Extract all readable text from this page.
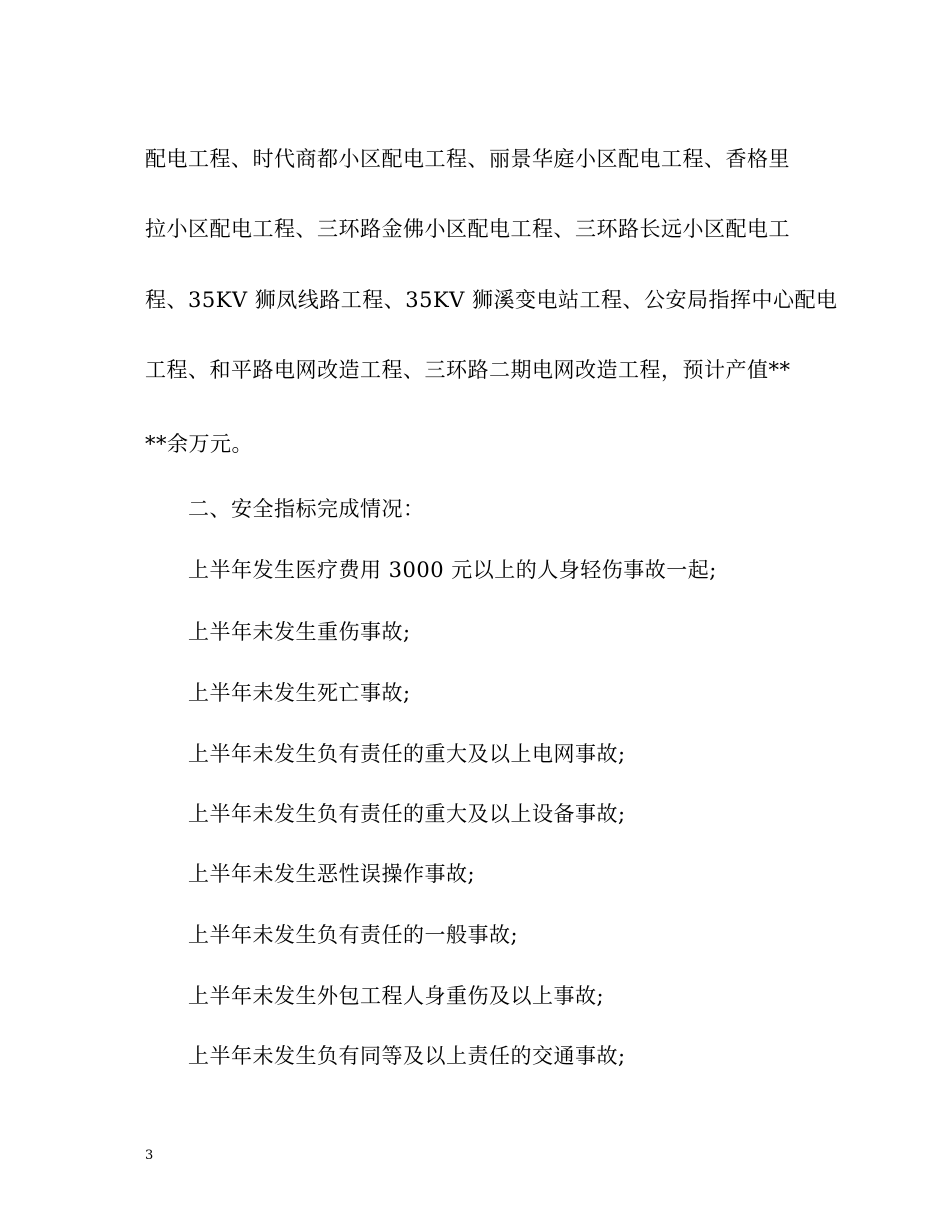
配电工程、时代商都小区配电工程、丽景华庭小区配电工程、香格里
拉小区配电工程、三环路金佛小区配电工程、三环路长远小区配电工
程、35KV 狮凤线路工程、35KV 狮溪变电站工程、公安局指挥中心配电
工程、和平路电网改造工程、三环路二期电网改造工程，预计产值**
**余万元。
二、安全指标完成情况：
上半年发生医疗费用 3000 元以上的人身轻伤事故一起;
上半年未发生重伤事故;
上半年未发生死亡事故;
上半年未发生负有责任的重大及以上电网事故;
上半年未发生负有责任的重大及以上设备事故;
上半年未发生恶性误操作事故;
上半年未发生负有责任的一般事故;
上半年未发生外包工程人身重伤及以上事故;
上半年未发生负有同等及以上责任的交通事故;
3
